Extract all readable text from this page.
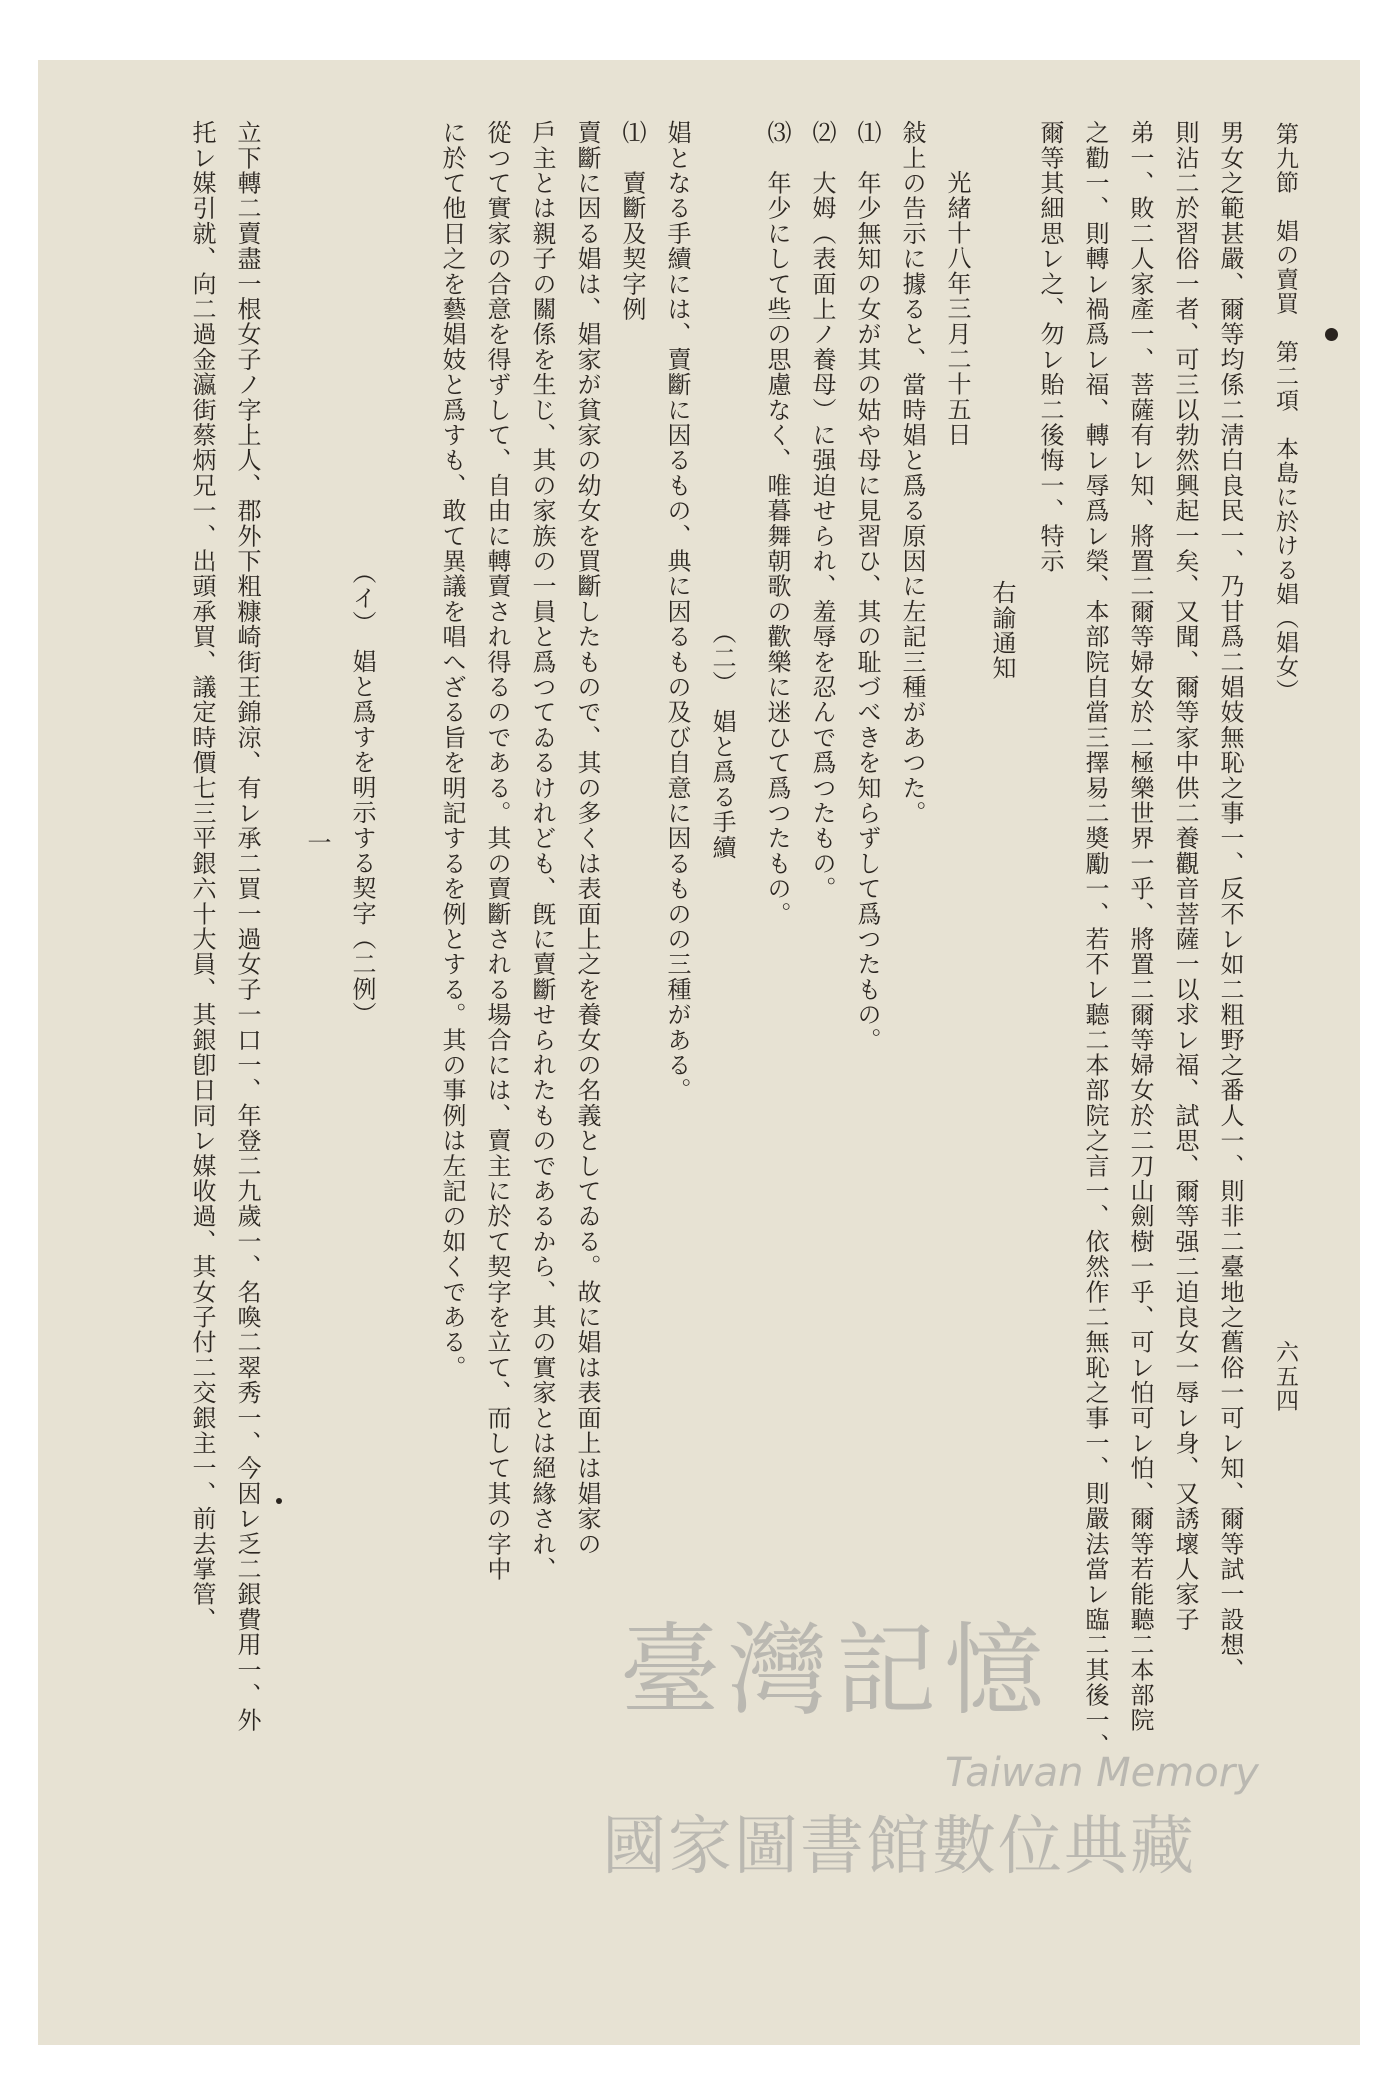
第九節　娼の賣買　第二項　本島に於ける娼（娼女）
六五四
男女之範甚嚴、爾等均係二淸白良民一、乃甘爲二娼妓無恥之事一、反不レ如二粗野之番人一、則非二臺地之舊俗一可レ知、爾等試一設想、
則沾二於習俗一者、可三以勃然興起一矣、又聞、爾等家中供二養觀音菩薩一以求レ福、試思、爾等强二迫良女一辱レ身、又誘壞人家子
弟一、敗二人家產一、菩薩有レ知、將置二爾等婦女於二極樂世界一乎、將置二爾等婦女於二刀山劍樹一乎、可レ怕可レ怕、爾等若能聽二本部院
之勸一、則轉レ禍爲レ福、轉レ辱爲レ榮、本部院自當三擇易二奬勵一、若不レ聽二本部院之言一、依然作二無恥之事一、則嚴法當レ臨二其後一、
爾等其細思レ之、勿レ貽二後悔一、特示
右諭通知
光緒十八年三月二十五日
敍上の告示に據ると、當時娼と爲る原因に左記三種があつた。
⑴　年少無知の女が其の姑や母に見習ひ、其の耻づべきを知らずして爲つたもの。
⑵　大姆（表面上ノ養母）に强迫せられ、羞辱を忍んで爲つたもの。
⑶　年少にして些の思慮なく、唯暮舞朝歌の歡樂に迷ひて爲つたもの。
（二）　娼と爲る手續
娼となる手續には、賣斷に因るもの、典に因るもの及び自意に因るものの三種がある。
⑴　賣斷及契字例
賣斷に因る娼は、娼家が貧家の幼女を買斷したもので、其の多くは表面上之を養女の名義としてゐる。故に娼は表面上は娼家の
戶主とは親子の關係を生じ、其の家族の一員と爲つてゐるけれども、旣に賣斷せられたものであるから、其の實家とは絕緣され、
從つて實家の合意を得ずして、自由に轉賣され得るのである。其の賣斷される場合には、賣主に於て契字を立て、而して其の字中
に於て他日之を藝娼妓と爲すも、敢て異議を唱へざる旨を明記するを例とする。其の事例は左記の如くである。
（イ）　娼と爲すを明示する契字（二例）
一
立下轉二賣盡一根女子ノ字上人、郡外下粗糠崎街王錦涼、有レ承二買一過女子一口一、年登二九歲一、名喚二翠秀一、今因レ乏二銀費用一、外
托レ媒引就、向二過金瀛街蔡炳兄一、出頭承買、議定時價七三平銀六十大員、其銀卽日同レ媒收過、其女子付二交銀主一、前去掌管、
臺灣記憶
Taiwan Memory
國家圖書館數位典藏
